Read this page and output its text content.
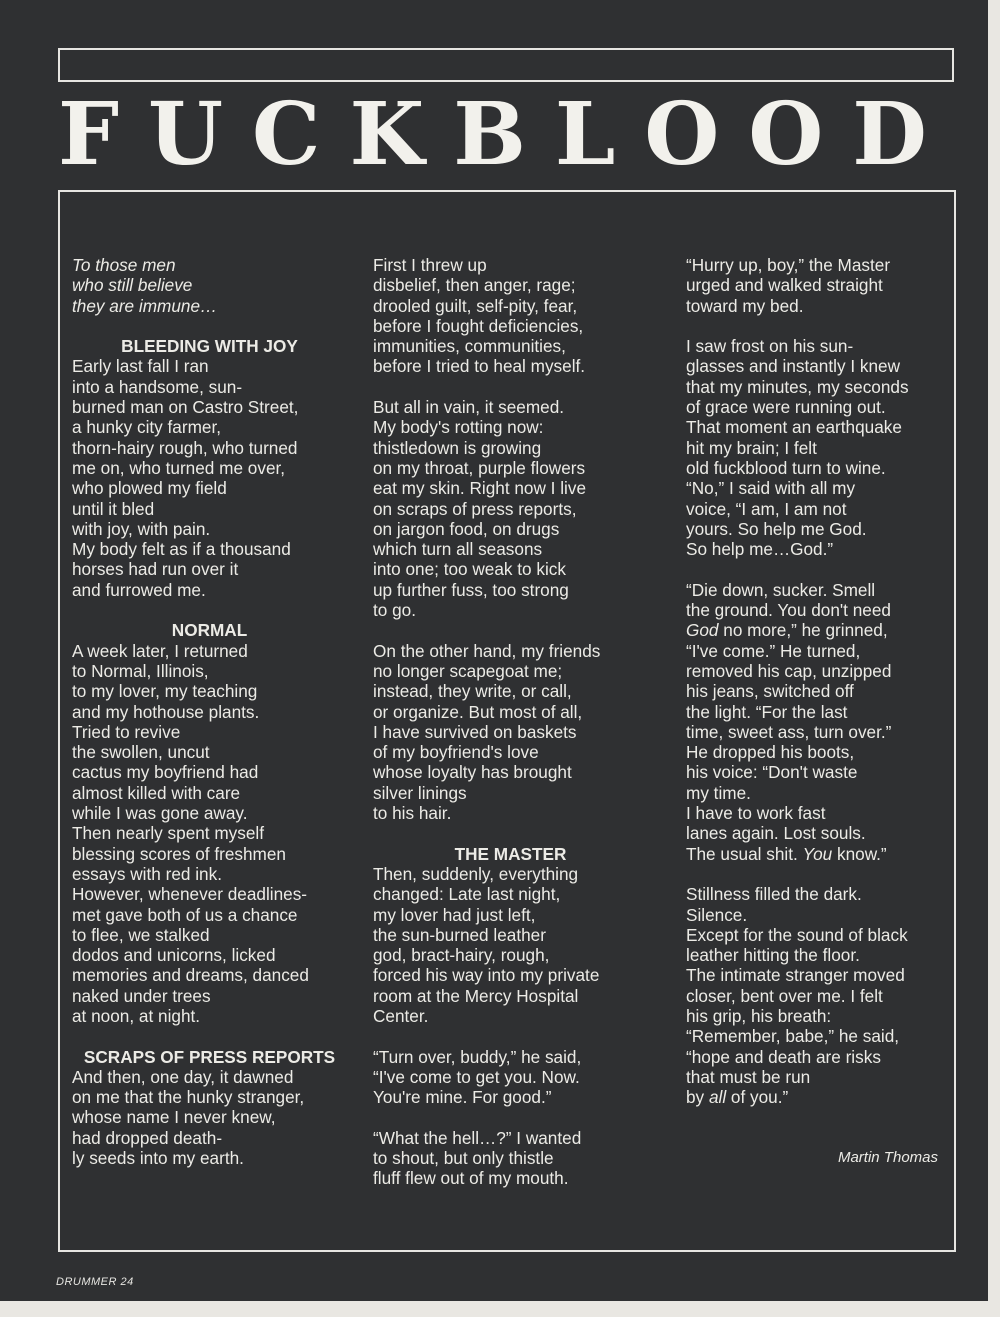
FUCKBLOOD
To those men
who still believe
they are immune…
BLEEDING WITH JOY
Early last fall I ran
into a handsome, sun-
burned man on Castro Street,
a hunky city farmer,
thorn-hairy rough, who turned
me on, who turned me over,
who plowed my field
until it bled
with joy, with pain.
My body felt as if a thousand
horses had run over it
and furrowed me.
NORMAL
A week later, I returned
to Normal, Illinois,
to my lover, my teaching
and my hothouse plants.
Tried to revive
the swollen, uncut
cactus my boyfriend had
almost killed with care
while I was gone away.
Then nearly spent myself
blessing scores of freshmen
essays with red ink.
However, whenever deadlines-
met gave both of us a chance
to flee, we stalked
dodos and unicorns, licked
memories and dreams, danced
naked under trees
at noon, at night.
SCRAPS OF PRESS REPORTS
And then, one day, it dawned
on me that the hunky stranger,
whose name I never knew,
had dropped death-
ly seeds into my earth.
First I threw up
disbelief, then anger, rage;
drooled guilt, self-pity, fear,
before I fought deficiencies,
immunities, communities,
before I tried to heal myself.
But all in vain, it seemed.
My body's rotting now:
thistledown is growing
on my throat, purple flowers
eat my skin. Right now I live
on scraps of press reports,
on jargon food, on drugs
which turn all seasons
into one; too weak to kick
up further fuss, too strong
to go.
On the other hand, my friends
no longer scapegoat me;
instead, they write, or call,
or organize. But most of all,
I have survived on baskets
of my boyfriend's love
whose loyalty has brought
silver linings
to his hair.
THE MASTER
Then, suddenly, everything
changed: Late last night,
my lover had just left,
the sun-burned leather
god, bract-hairy, rough,
forced his way into my private
room at the Mercy Hospital
Center.
“Turn over, buddy,” he said,
“I've come to get you. Now.
You're mine. For good.”
“What the hell…?” I wanted
to shout, but only thistle
fluff flew out of my mouth.
“Hurry up, boy,” the Master
urged and walked straight
toward my bed.
I saw frost on his sun-
glasses and instantly I knew
that my minutes, my seconds
of grace were running out.
That moment an earthquake
hit my brain; I felt
old fuckblood turn to wine.
“No,” I said with all my
voice, “I am, I am not
yours. So help me God.
So help me…God.”
“Die down, sucker. Smell
the ground. You don't need
God no more,” he grinned,
“I've come.” He turned,
removed his cap, unzipped
his jeans, switched off
the light. “For the last
time, sweet ass, turn over.”
He dropped his boots,
his voice: “Don't waste
my time.
I have to work fast
lanes again. Lost souls.
The usual shit. You know.”
Stillness filled the dark.
Silence.
Except for the sound of black
leather hitting the floor.
The intimate stranger moved
closer, bent over me. I felt
his grip, his breath:
“Remember, babe,” he said,
“hope and death are risks
that must be run
by all of you.”
Martin Thomas
DRUMMER 24
